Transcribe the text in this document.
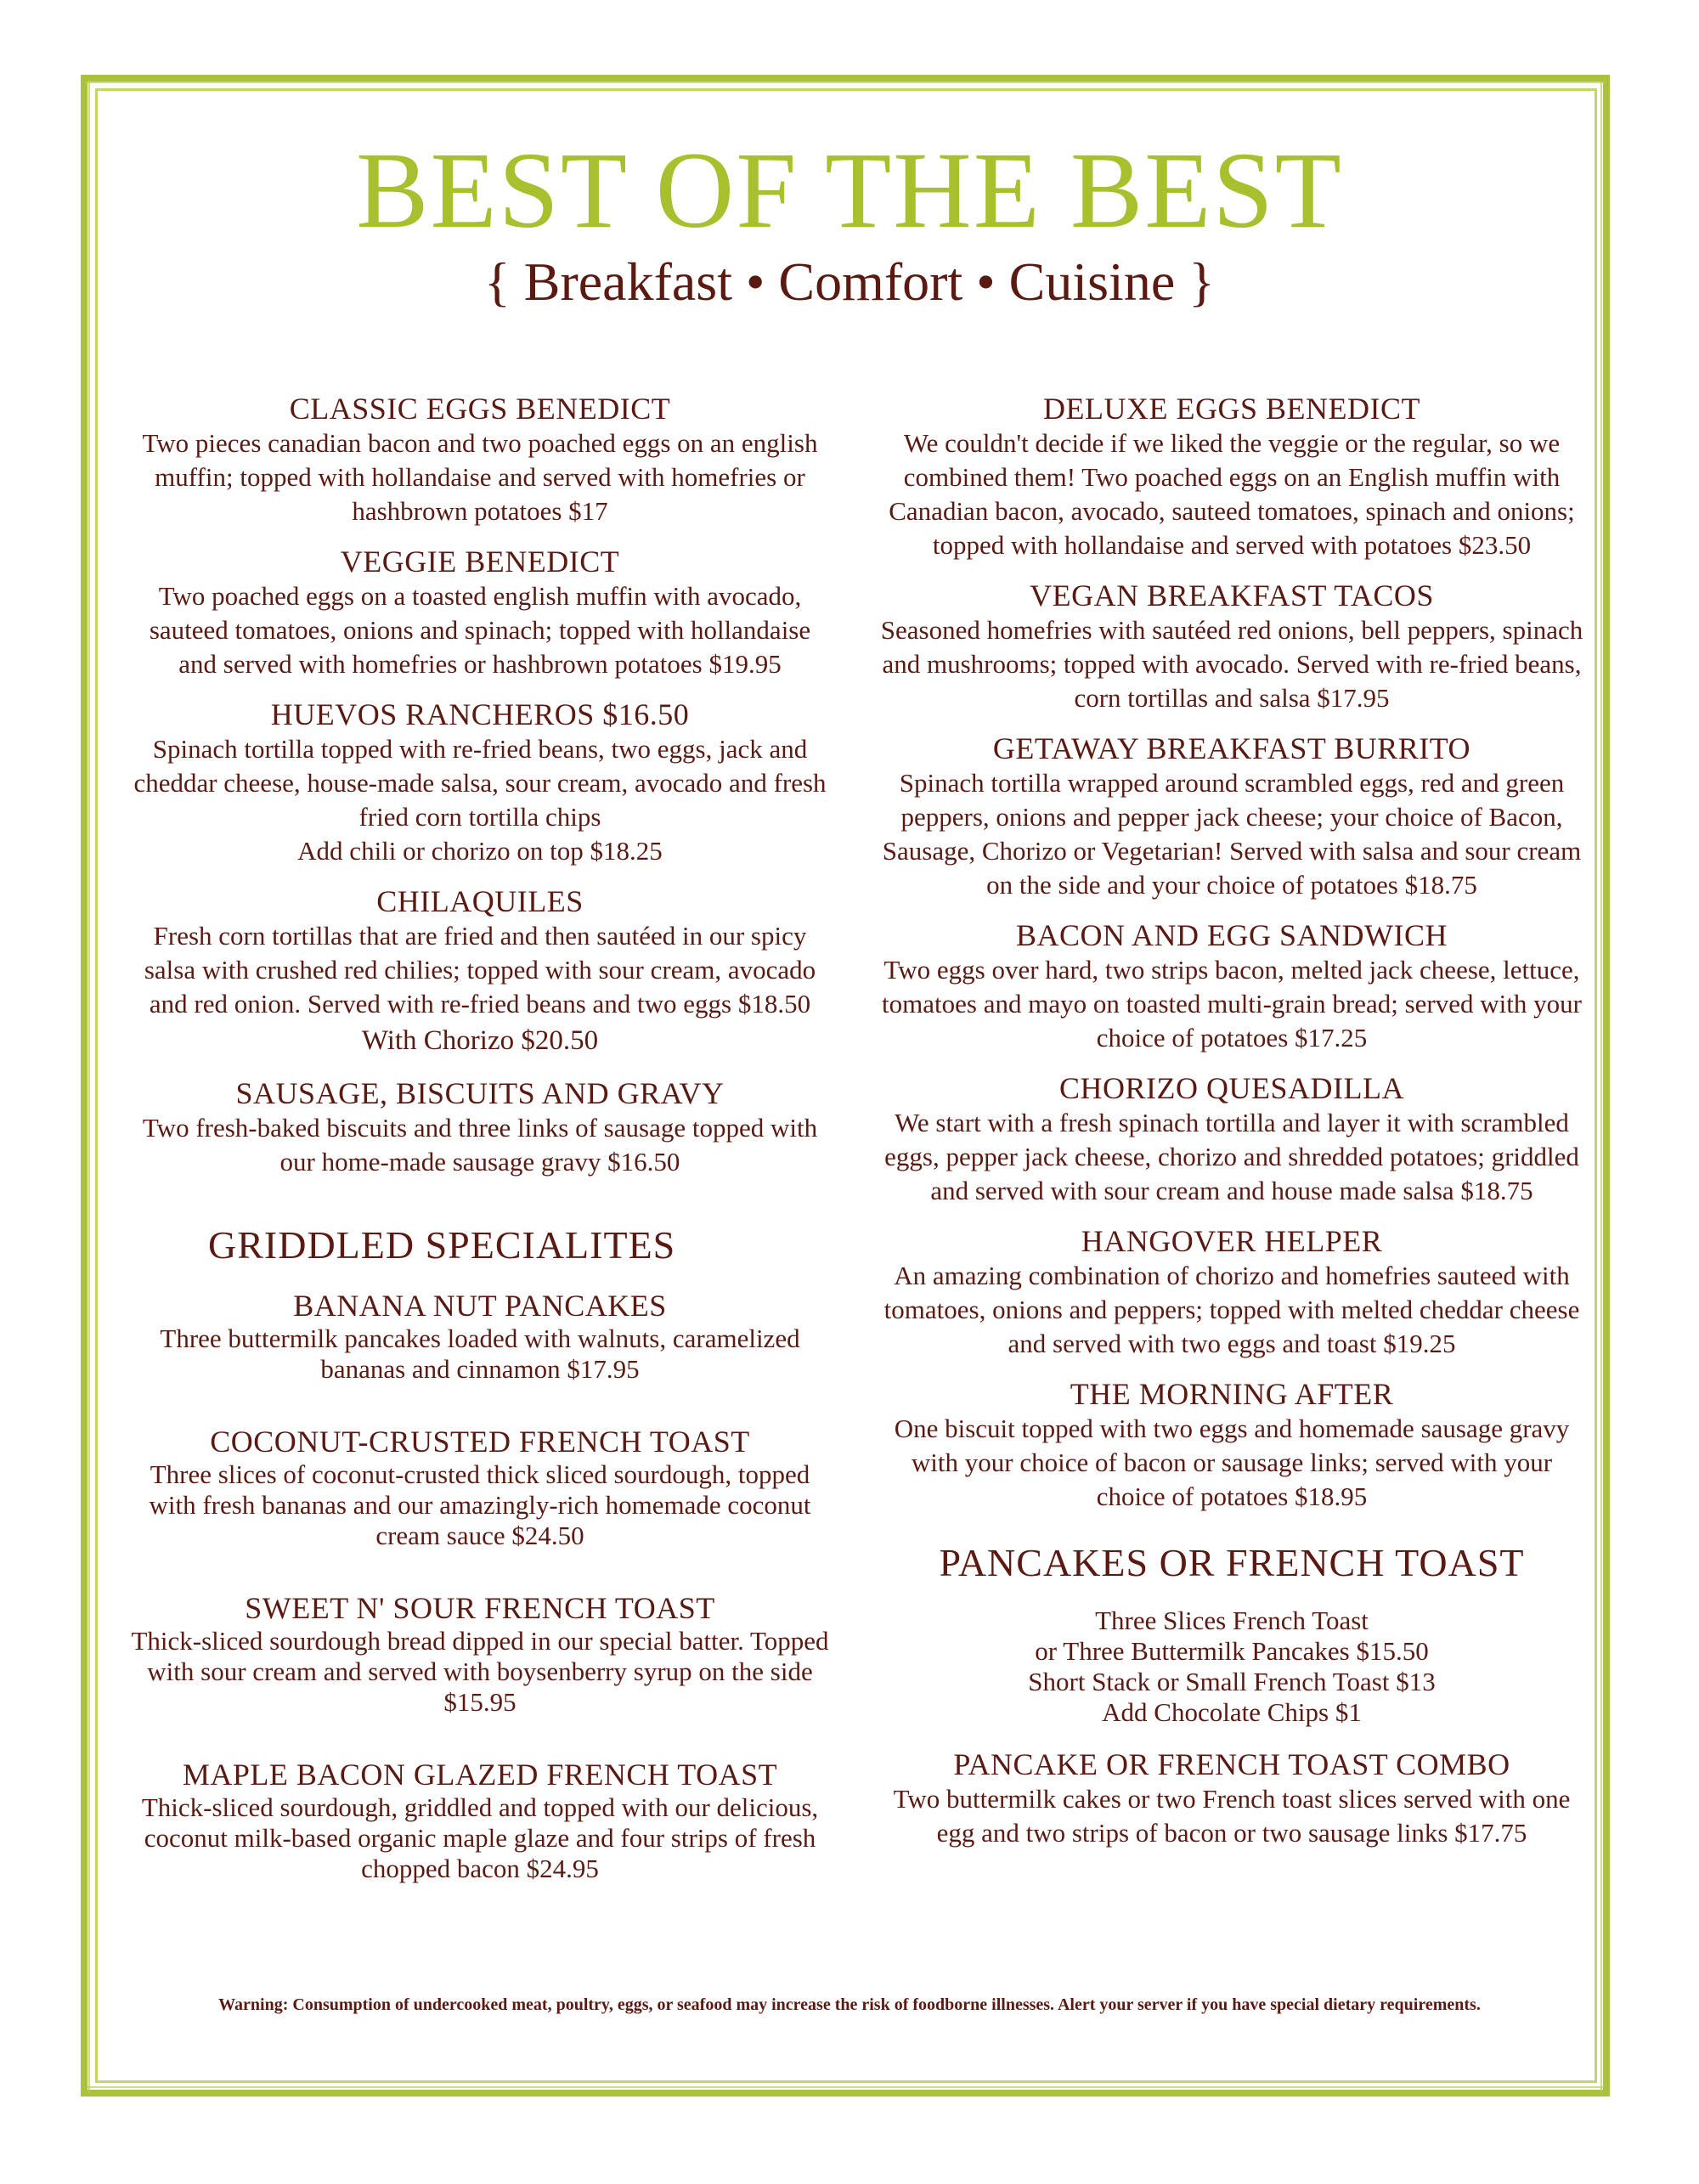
BEST OF THE BEST
{ Breakfast • Comfort • Cuisine }
CLASSIC EGGS BENEDICT
Two pieces canadian bacon and two poached eggs on an english muffin; topped with hollandaise and served with homefries or hashbrown potatoes $17
VEGGIE BENEDICT
Two poached eggs on a toasted english muffin with avocado, sauteed tomatoes, onions and spinach; topped with hollandaise and served with homefries or hashbrown potatoes $19.95
HUEVOS RANCHEROS $16.50
Spinach tortilla topped with re-fried beans, two eggs, jack and cheddar cheese, house-made salsa, sour cream, avocado and fresh fried corn tortilla chips
Add chili or chorizo on top $18.25
CHILAQUILES
Fresh corn tortillas that are fried and then sautéed in our spicy salsa with crushed red chilies; topped with sour cream, avocado and red onion. Served with re-fried beans and two eggs $18.50
With Chorizo $20.50
SAUSAGE, BISCUITS AND GRAVY
Two fresh-baked biscuits and three links of sausage topped with our home-made sausage gravy $16.50
GRIDDLED SPECIALITES
BANANA NUT PANCAKES
Three buttermilk pancakes loaded with walnuts, caramelized bananas and cinnamon $17.95
COCONUT-CRUSTED FRENCH TOAST
Three slices of coconut-crusted thick sliced sourdough, topped with fresh bananas and our amazingly-rich homemade coconut cream sauce $24.50
SWEET N' SOUR FRENCH TOAST
Thick-sliced sourdough bread dipped in our special batter. Topped with sour cream and served with boysenberry syrup on the side $15.95
MAPLE BACON GLAZED FRENCH TOAST
Thick-sliced sourdough, griddled and topped with our delicious, coconut milk-based organic maple glaze and four strips of fresh chopped bacon $24.95
DELUXE EGGS BENEDICT
We couldn't decide if we liked the veggie or the regular, so we combined them! Two poached eggs on an English muffin with Canadian bacon, avocado, sauteed tomatoes, spinach and onions; topped with hollandaise and served with potatoes $23.50
VEGAN BREAKFAST TACOS
Seasoned homefries with sautéed red onions, bell peppers, spinach and mushrooms; topped with avocado. Served with re-fried beans, corn tortillas and salsa $17.95
GETAWAY BREAKFAST BURRITO
Spinach tortilla wrapped around scrambled eggs, red and green peppers, onions and pepper jack cheese; your choice of Bacon, Sausage, Chorizo or Vegetarian! Served with salsa and sour cream on the side and your choice of potatoes $18.75
BACON AND EGG SANDWICH
Two eggs over hard, two strips bacon, melted jack cheese, lettuce, tomatoes and mayo on toasted multi-grain bread; served with your choice of potatoes $17.25
CHORIZO QUESADILLA
We start with a fresh spinach tortilla and layer it with scrambled eggs, pepper jack cheese, chorizo and shredded potatoes; griddled and served with sour cream and house made salsa $18.75
HANGOVER HELPER
An amazing combination of chorizo and homefries sauteed with tomatoes, onions and peppers; topped with melted cheddar cheese and served with two eggs and toast $19.25
THE MORNING AFTER
One biscuit topped with two eggs and homemade sausage gravy with your choice of bacon or sausage links; served with your choice of potatoes $18.95
PANCAKES OR FRENCH TOAST
Three Slices French Toast
or Three Buttermilk Pancakes $15.50
Short Stack or Small French Toast $13
Add Chocolate Chips $1
PANCAKE OR FRENCH TOAST COMBO
Two buttermilk cakes or two French toast slices served with one egg and two strips of bacon or two sausage links $17.75
Warning: Consumption of undercooked meat, poultry, eggs, or seafood may increase the risk of foodborne illnesses. Alert your server if you have special dietary requirements.
